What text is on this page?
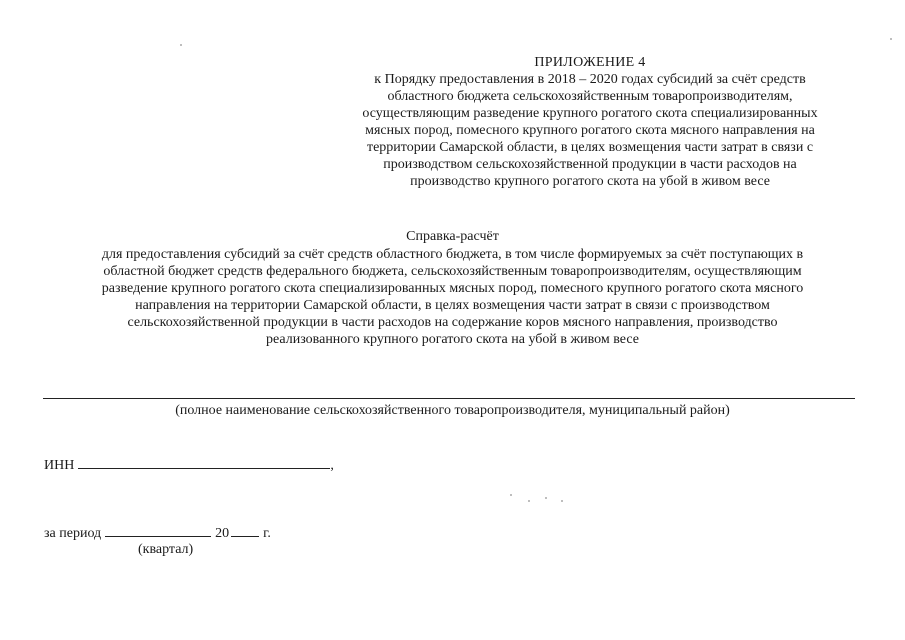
ПРИЛОЖЕНИЕ 4
к Порядку предоставления в 2018 – 2020 годах субсидий за счёт средств
областного бюджета сельскохозяйственным товаропроизводителям,
осуществляющим разведение крупного рогатого скота специализированных
мясных пород, помесного крупного рогатого скота мясного направления на
территории Самарской области, в целях возмещения части затрат в связи с
производством сельскохозяйственной продукции в части расходов на
производство крупного рогатого скота на убой в живом весе
Справка-расчёт
для предоставления субсидий за счёт средств областного бюджета, в том числе формируемых за счёт поступающих в
областной бюджет средств федерального бюджета, сельскохозяйственным товаропроизводителям, осуществляющим
разведение крупного рогатого скота специализированных мясных пород, помесного крупного рогатого скота мясного
направления на территории Самарской области, в целях возмещения части затрат в связи с производством
сельскохозяйственной продукции в части расходов на содержание коров мясного направления, производство
реализованного крупного рогатого скота на убой в живом весе
(полное наименование сельскохозяйственного товаропроизводителя, муниципальный район)
ИНН	,
за период	20 г.
(квартал)
